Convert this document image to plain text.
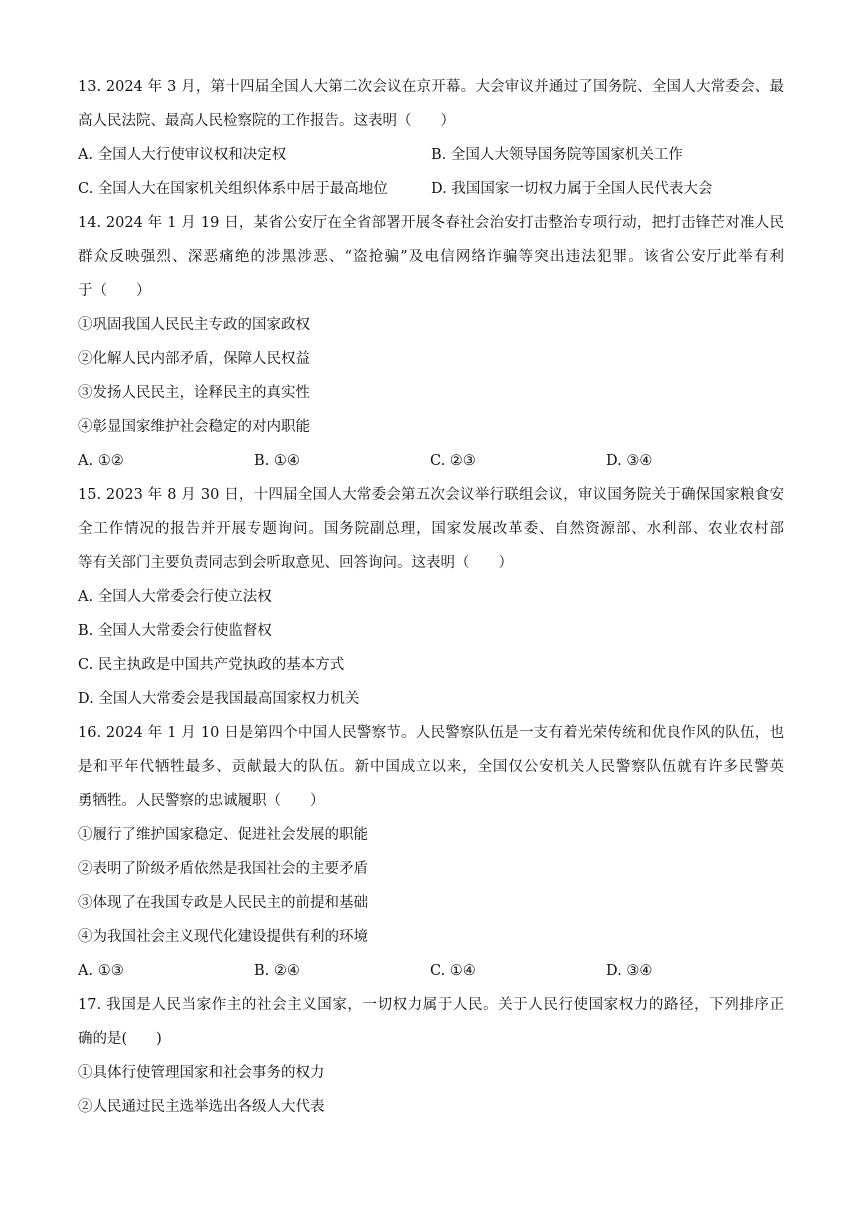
13. 2024 年 3 月，第十四届全国人大第二次会议在京开幕。大会审议并通过了国务院、全国人大常委会、最
高人民法院、最高人民检察院的工作报告。这表明（　　）
A. 全国人大行使审议权和决定权	B. 全国人大领导国务院等国家机关工作
C. 全国人大在国家机关组织体系中居于最高地位	D. 我国国家一切权力属于全国人民代表大会
14. 2024 年 1 月 19 日，某省公安厅在全省部署开展冬春社会治安打击整治专项行动，把打击锋芒对准人民
群众反映强烈、深恶痛绝的涉黑涉恶、“盗抢骗”及电信网络诈骗等突出违法犯罪。该省公安厅此举有利
于（　　）
①巩固我国人民民主专政的国家政权
②化解人民内部矛盾，保障人民权益
③发扬人民民主，诠释民主的真实性
④彰显国家维护社会稳定的对内职能
A. ①②	B. ①④	C. ②③	D. ③④
15. 2023 年 8 月 30 日，十四届全国人大常委会第五次会议举行联组会议，审议国务院关于确保国家粮食安
全工作情况的报告并开展专题询问。国务院副总理，国家发展改革委、自然资源部、水利部、农业农村部
等有关部门主要负责同志到会听取意见、回答询问。这表明（　　）
A. 全国人大常委会行使立法权
B. 全国人大常委会行使监督权
C. 民主执政是中国共产党执政的基本方式
D. 全国人大常委会是我国最高国家权力机关
16. 2024 年 1 月 10 日是第四个中国人民警察节。人民警察队伍是一支有着光荣传统和优良作风的队伍，也
是和平年代牺牲最多、贡献最大的队伍。新中国成立以来，全国仅公安机关人民警察队伍就有许多民警英
勇牺牲。人民警察的忠诚履职（　　）
①履行了维护国家稳定、促进社会发展的职能
②表明了阶级矛盾依然是我国社会的主要矛盾
③体现了在我国专政是人民民主的前提和基础
④为我国社会主义现代化建设提供有利的环境
A. ①③	B. ②④	C. ①④	D. ③④
17. 我国是人民当家作主的社会主义国家，一切权力属于人民。关于人民行使国家权力的路径，下列排序正
确的是(　　)
①具体行使管理国家和社会事务的权力
②人民通过民主选举选出各级人大代表
